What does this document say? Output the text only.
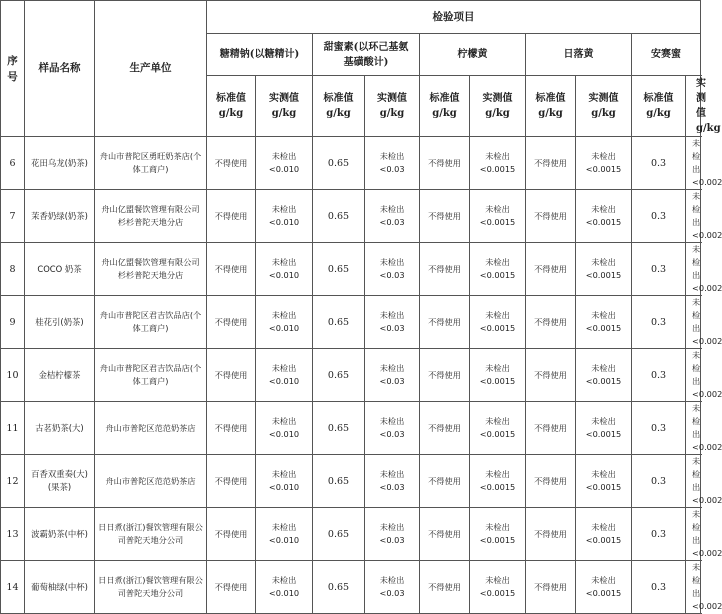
序号	样品名称	生产单位	检验项目									
			糖精钠(以糖精计)		甜蜜素(以环己基氨基磺酸计)		柠檬黄		日落黄		安赛蜜	
			标准值g/kg	实测值g/kg	标准值g/kg	实测值g/kg	标准值g/kg	实测值g/kg	标准值g/kg	实测值g/kg	标准值g/kg	实测值g/kg
6	花田乌龙(奶茶)	舟山市普陀区勇旺奶茶店(个体工商户)	不得使用	未检出<0.010	0.65	未检出<0.03	不得使用	未检出<0.0015	不得使用	未检出<0.0015	0.3	未检出<0.002
7	茉香奶绿(奶茶)	舟山亿盟餐饮管理有限公司杉杉普陀天地分店	不得使用	未检出<0.010	0.65	未检出<0.03	不得使用	未检出<0.0015	不得使用	未检出<0.0015	0.3	未检出<0.002
8	COCO 奶茶	舟山亿盟餐饮管理有限公司杉杉普陀天地分店	不得使用	未检出<0.010	0.65	未检出<0.03	不得使用	未检出<0.0015	不得使用	未检出<0.0015	0.3	未检出<0.002
9	桂花引(奶茶)	舟山市普陀区君吉饮品店(个体工商户)	不得使用	未检出<0.010	0.65	未检出<0.03	不得使用	未检出<0.0015	不得使用	未检出<0.0015	0.3	未检出<0.002
10	金桔柠檬茶	舟山市普陀区君吉饮品店(个体工商户)	不得使用	未检出<0.010	0.65	未检出<0.03	不得使用	未检出<0.0015	不得使用	未检出<0.0015	0.3	未检出<0.002
11	古茗奶茶(大)	舟山市普陀区范范奶茶店	不得使用	未检出<0.010	0.65	未检出<0.03	不得使用	未检出<0.0015	不得使用	未检出<0.0015	0.3	未检出<0.002
12	百香双重奏(大)(果茶)	舟山市普陀区范范奶茶店	不得使用	未检出<0.010	0.65	未检出<0.03	不得使用	未检出<0.0015	不得使用	未检出<0.0015	0.3	未检出<0.002
13	波霸奶茶(中杯)	日日煮(浙江)餐饮管理有限公司普陀天地分公司	不得使用	未检出<0.010	0.65	未检出<0.03	不得使用	未检出<0.0015	不得使用	未检出<0.0015	0.3	未检出<0.002
14	葡萄柚绿(中杯)	日日煮(浙江)餐饮管理有限公司普陀天地分公司	不得使用	未检出<0.010	0.65	未检出<0.03	不得使用	未检出<0.0015	不得使用	未检出<0.0015	0.3	未检出<0.002
